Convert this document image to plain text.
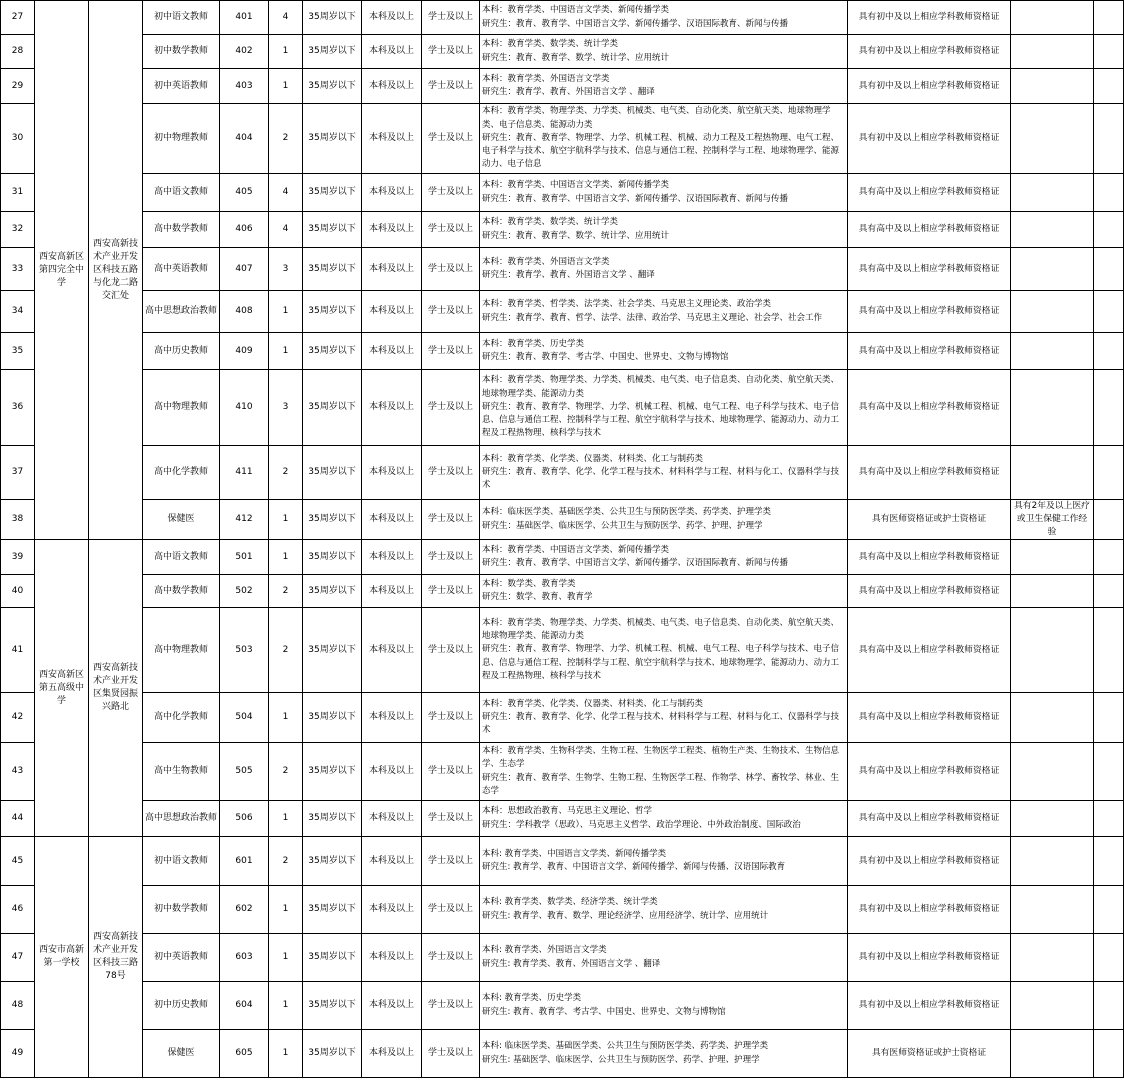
27	西安高新区第四完全中学	西安高新技术产业开发区科技五路与化龙二路交汇处	初中语文教师	401	4	35周岁以下	本科及以上	学士及以上	本科：教育学类、中国语言文学类、新闻传播学类
研究生：教育、教育学、中国语言文学、新闻传播学、汉语国际教育、新闻与传播	具有初中及以上相应学科教师资格证		
28			初中数学教师	402	1	35周岁以下	本科及以上	学士及以上	本科：教育学类、数学类、统计学类
研究生：教育、教育学、数学、统计学、应用统计	具有初中及以上相应学科教师资格证		
29			初中英语教师	403	1	35周岁以下	本科及以上	学士及以上	本科：教育学类、外国语言文学类
研究生：教育学、教育、外国语言文学 、翻译	具有初中及以上相应学科教师资格证		
30			初中物理教师	404	2	35周岁以下	本科及以上	学士及以上	本科：教育学类、物理学类、力学类、机械类、电气类、自动化类、航空航天类、地球物理学类、电子信息类、能源动力类
研究生：教育、教育学、物理学、力学、机械工程、机械、动力工程及工程热物理、电气工程、电子科学与技术、航空宇航科学与技术、信息与通信工程、控制科学与工程、地球物理学、能源动力、电子信息	具有初中及以上相应学科教师资格证		
31			高中语文教师	405	4	35周岁以下	本科及以上	学士及以上	本科：教育学类、中国语言文学类、新闻传播学类
研究生：教育、教育学、中国语言文学、新闻传播学、汉语国际教育、新闻与传播	具有高中及以上相应学科教师资格证		
32			高中数学教师	406	4	35周岁以下	本科及以上	学士及以上	本科：教育学类、数学类、统计学类
研究生：教育、教育学、数学、统计学、应用统计	具有高中及以上相应学科教师资格证		
33			高中英语教师	407	3	35周岁以下	本科及以上	学士及以上	本科：教育学类、外国语言文学类
研究生：教育学、教育、外国语言文学 、翻译	具有高中及以上相应学科教师资格证		
34			高中思想政治教师	408	1	35周岁以下	本科及以上	学士及以上	本科：教育学类、哲学类、法学类、社会学类、马克思主义理论类、政治学类
研究生：教育学、教育、哲学、法学、法律、政治学、马克思主义理论、社会学、社会工作	具有高中及以上相应学科教师资格证		
35			高中历史教师	409	1	35周岁以下	本科及以上	学士及以上	本科：教育学类、历史学类
研究生：教育、教育学、考古学、中国史、世界史、文物与博物馆	具有高中及以上相应学科教师资格证		
36			高中物理教师	410	3	35周岁以下	本科及以上	学士及以上	本科：教育学类、物理学类、力学类、机械类、电气类、电子信息类、自动化类、航空航天类、地球物理学类、能源动力类
研究生：教育、教育学、物理学、力学、机械工程、机械、电气工程、电子科学与技术、电子信息、信息与通信工程、控制科学与工程、航空宇航科学与技术、地球物理学、能源动力、动力工程及工程热物理、核科学与技术	具有高中及以上相应学科教师资格证		
37			高中化学教师	411	2	35周岁以下	本科及以上	学士及以上	本科：教育学类、化学类、仪器类、材料类、化工与制药类
研究生：教育、教育学、化学、化学工程与技术、材料科学与工程、材料与化工、仪器科学与技术	具有高中及以上相应学科教师资格证		
38			保健医	412	1	35周岁以下	本科及以上	学士及以上	本科：临床医学类、基础医学类、公共卫生与预防医学类、药学类、护理学类
研究生：基础医学、临床医学、公共卫生与预防医学、药学、护理、护理学	具有医师资格证或护士资格证	具有2年及以上医疗或卫生保健工作经验	
39	西安高新区第五高级中学	西安高新技术产业开发区集贤园振兴路北	高中语文教师	501	1	35周岁以下	本科及以上	学士及以上	本科：教育学类、中国语言文学类、新闻传播学类
研究生：教育、教育学、中国语言文学、新闻传播学、汉语国际教育、新闻与传播	具有高中及以上相应学科教师资格证		
40			高中数学教师	502	2	35周岁以下	本科及以上	学士及以上	本科：数学类、教育学类
研究生：数学、教育、教育学	具有高中及以上相应学科教师资格证		
41			高中物理教师	503	2	35周岁以下	本科及以上	学士及以上	本科：教育学类、物理学类、力学类、机械类、电气类、电子信息类、自动化类、航空航天类、地球物理学类、能源动力类
研究生：教育、教育学、物理学、力学、机械工程、机械、电气工程、电子科学与技术、电子信息、信息与通信工程、控制科学与工程、航空宇航科学与技术、地球物理学、能源动力、动力工程及工程热物理、核科学与技术	具有高中及以上相应学科教师资格证		
42			高中化学教师	504	1	35周岁以下	本科及以上	学士及以上	本科：教育学类、化学类、仪器类、材料类、化工与制药类
研究生：教育、教育学、化学、化学工程与技术、材料科学与工程、材料与化工、仪器科学与技术	具有高中及以上相应学科教师资格证		
43			高中生物教师	505	2	35周岁以下	本科及以上	学士及以上	本科：教育学类、生物科学类、生物工程、生物医学工程类、植物生产类、生物技术、生物信息学、生态学
研究生：教育、教育学、生物学、生物工程、生物医学工程、作物学、林学、畜牧学、林业、生态学	具有高中及以上相应学科教师资格证		
44			高中思想政治教师	506	1	35周岁以下	本科及以上	学士及以上	本科：思想政治教育、马克思主义理论、哲学
研究生：学科教学（思政）、马克思主义哲学、政治学理论、中外政治制度、国际政治	具有高中及以上相应学科教师资格证		
45	西安市高新第一学校	西安高新技术产业开发区科技三路78号	初中语文教师	601	2	35周岁以下	本科及以上	学士及以上	本科: 教育学类、中国语言文学类、新闻传播学类
研究生: 教育学、教育、中国语言文学、新闻传播学、新闻与传播、汉语国际教育	具有初中及以上相应学科教师资格证		
46			初中数学教师	602	1	35周岁以下	本科及以上	学士及以上	本科: 教育学类、数学类、经济学类、统计学类
研究生: 教育学、教育、数学、理论经济学、应用经济学、统计学、应用统计	具有初中及以上相应学科教师资格证		
47			初中英语教师	603	1	35周岁以下	本科及以上	学士及以上	本科: 教育学类、外国语言文学类
研究生: 教育学类、教育、外国语言文学 、翻译	具有初中及以上相应学科教师资格证		
48			初中历史教师	604	1	35周岁以下	本科及以上	学士及以上	本科: 教育学类、历史学类
研究生: 教育、教育学、考古学、中国史、世界史、文物与博物馆	具有初中及以上相应学科教师资格证		
49			保健医	605	1	35周岁以下	本科及以上	学士及以上	本科: 临床医学类、基础医学类、公共卫生与预防医学类、药学类、护理学类
研究生: 基础医学、临床医学、公共卫生与预防医学、药学、护理、护理学	具有医师资格证或护士资格证		
